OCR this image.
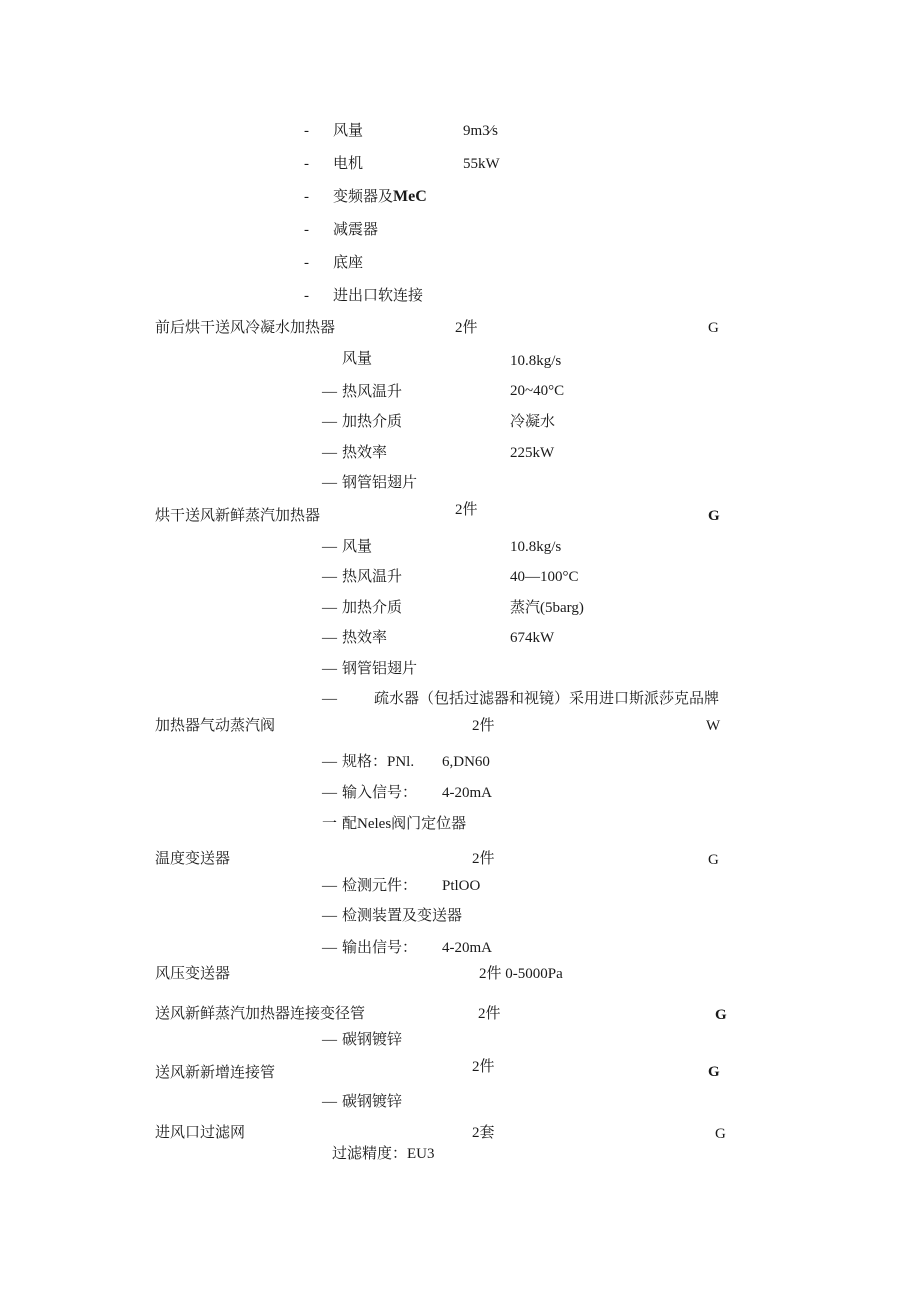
- 风量	9m3∕s
- 电机	55kW
- 变频器及MeC
- 减震器
- 底座
- 进出口软连接
前后烘干送风冷凝水加热器	2件	G
风量	10.8kg/s
— 热风温升	20~40°C
— 加热介质	冷凝水
— 热效率	225kW
— 钢管铝翅片
烘干送风新鲜蒸汽加热器	2件	G
— 风量	10.8kg/s
— 热风温升	40—100°C
— 加热介质	蒸汽(5barg)
— 热效率	674kW
— 钢管铝翅片
— 疏水器（包括过滤器和视镜）采用进口斯派莎克品牌
加热器气动蒸汽阀	2件	W
— 规格：PNl. 6,DN60
— 输入信号： 4-20mA
一 配Neles阀门定位器
温度变送器	2件	G
— 检测元件： PtlOO
— 检测装置及变送器
— 输出信号： 4-20mA
风压变送器	2件 0-5000Pa
送风新鲜蒸汽加热器连接变径管	2件	G
— 碳钢镀锌
送风新新增连接管	2件	G
— 碳钢镀锌
进风口过滤网	2套	G
过滤精度：EU3
